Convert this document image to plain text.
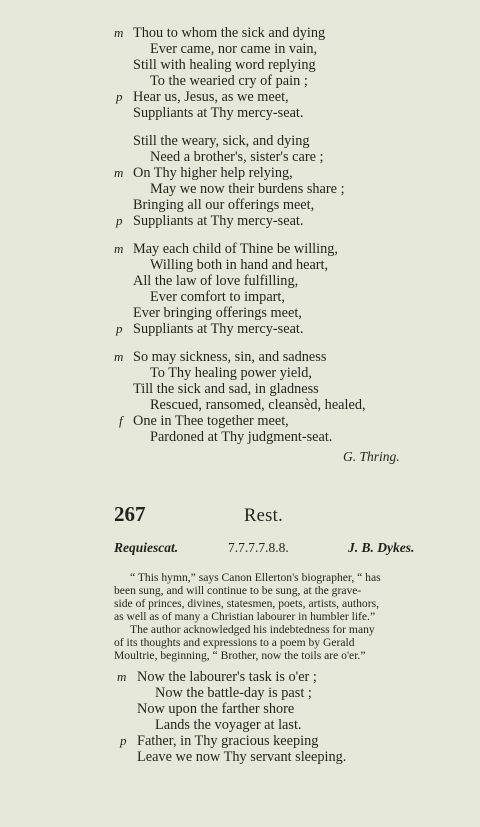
m Thou to whom the sick and dying
Ever came, nor came in vain,
Still with healing word replying
To the wearied cry of pain ;
p Hear us, Jesus, as we meet,
Suppliants at Thy mercy-seat.
Still the weary, sick, and dying
Need a brother's, sister's care ;
m On Thy higher help relying,
May we now their burdens share ;
Bringing all our offerings meet,
p Suppliants at Thy mercy-seat.
m May each child of Thine be willing,
Willing both in hand and heart,
All the law of love fulfilling,
Ever comfort to impart,
Ever bringing offerings meet,
p Suppliants at Thy mercy-seat.
m So may sickness, sin, and sadness
To Thy healing power yield,
Till the sick and sad, in gladness
Rescued, ransomed, cleansèd, healed,
f One in Thee together meet,
Pardoned at Thy judgment-seat.
G. Thring.
267	Rest.
Requiescat.	7.7.7.7.8.8.	J. B. Dykes.
“ This hymn,” says Canon Ellerton's biographer, “ has
been sung, and will continue to be sung, at the grave-
side of princes, divines, statesmen, poets, artists, authors,
as well as of many a Christian labourer in humbler life.”
The author acknowledged his indebtedness for many
of its thoughts and expressions to a poem by Gerald
Moultrie, beginning, “ Brother, now the toils are o'er.”
m Now the labourer's task is o'er ;
Now the battle-day is past ;
Now upon the farther shore
Lands the voyager at last.
p Father, in Thy gracious keeping
Leave we now Thy servant sleeping.
